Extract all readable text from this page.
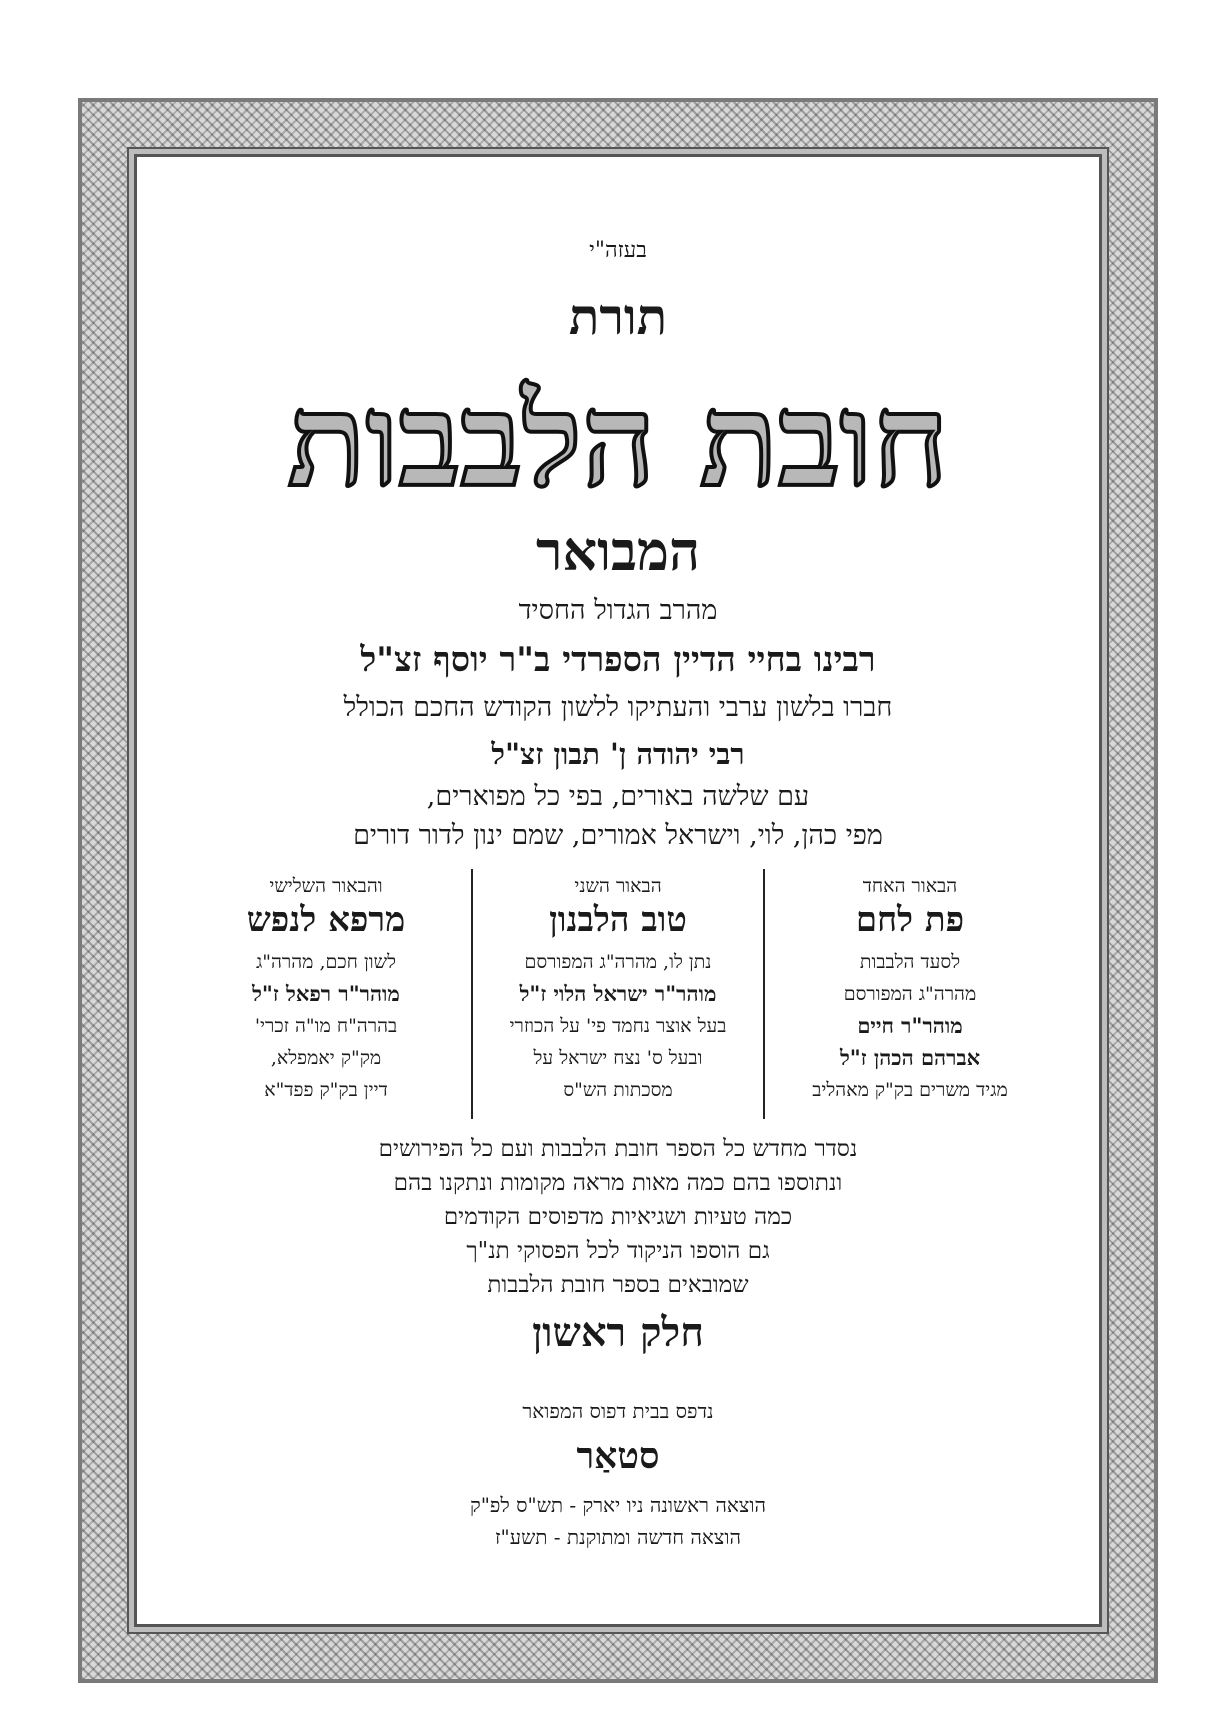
בעזה"י
תורת
חובת הלבבות
המבואר
מהרב הגדול החסיד
רבינו בחיי הדיין הספרדי ב"ר יוסף זצ"ל
חברו בלשון ערבי והעתיקו ללשון הקודש החכם הכולל
רבי יהודה ן' תבון זצ"ל
עם שלשה באורים, בפי כל מפוארים,
מפי כהן, לוי, וישראל אמורים, שמם ינון לדור דורים
הבאור האחד
פת לחם
לסעד הלבבות
מהרה"ג המפורסם
מוהר"ר חיים
אברהם הכהן ז"ל
מגיד משרים בק"ק מאהליב
הבאור השני
טוב הלבנון
נתן לו, מהרה"ג המפורסם
מוהר"ר ישראל הלוי ז"ל
בעל אוצר נחמד פי' על הכוזרי
ובעל ס' נצח ישראל על
מסכתות הש"ס
והבאור השלישי
מרפא לנפש
לשון חכם, מהרה"ג
מוהר"ר רפאל ז"ל
בהרה"ח מו"ה זכרי'
מק"ק יאמפלא,
דיין בק"ק פפד"א
נסדר מחדש כל הספר חובת הלבבות ועם כל הפירושים
ונתוספו בהם כמה מאות מראה מקומות ונתקנו בהם
כמה טעיות ושגיאיות מדפוסים הקודמים
גם הוספו הניקוד לכל הפסוקי תנ"ך
שמובאים בספר חובת הלבבות
חלק ראשון
נדפס בבית דפוס המפואר
סטאַר
הוצאה ראשונה ניו יארק - תש"ס לפ"ק
הוצאה חדשה ומתוקנת - תשע"ז
